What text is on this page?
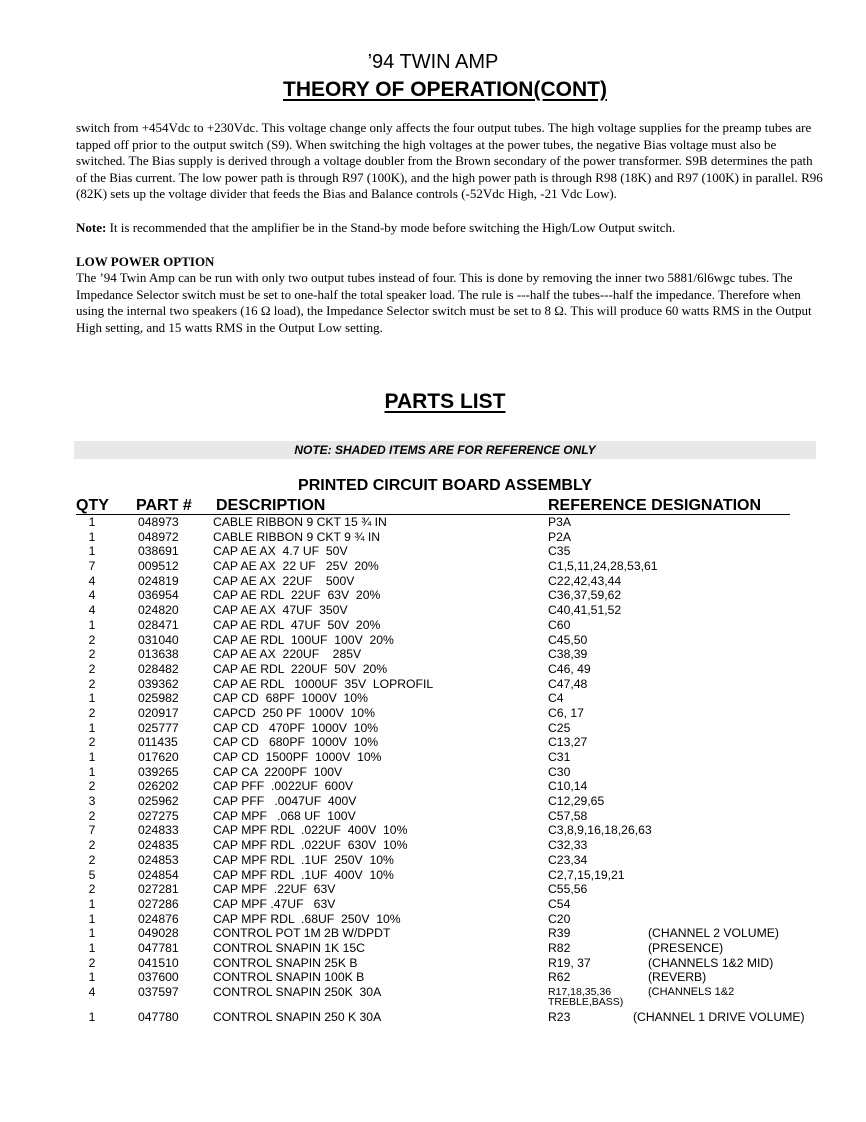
’94 TWIN AMP
THEORY OF OPERATION(CONT)

switch from +454Vdc to +230Vdc. This voltage change only affects the four output tubes. The high voltage supplies for the preamp tubes are tapped off prior to the output switch (S9). When switching the high voltages at the power tubes, the negative Bias voltage must also be switched. The Bias supply is derived through a voltage doubler from the Brown secondary of the power transformer. S9B determines the path of the Bias current. The low power path is through R97 (100K), and the high power path is through R98 (18K) and R97 (100K) in parallel. R96 (82K) sets up the voltage divider that feeds the Bias and Balance controls (-52Vdc High, -21 Vdc Low).

Note: It is recommended that the amplifier be in the Stand-by mode before switching the High/Low Output switch.

LOW POWER OPTION

The ’94 Twin Amp can be run with only two output tubes instead of four. This is done by removing the inner two 5881/6l6wgc tubes. The Impedance Selector switch must be set to one-half the total speaker load. The rule is ---half the tubes---half the impedance. Therefore when using the internal two speakers (16 Ω load), the Impedance Selector switch must be set to 8 Ω. This will produce 60 watts RMS in the Output High setting, and 15 watts RMS in the Output Low setting.

PARTS LIST
NOTE: SHADED ITEMS ARE FOR REFERENCE ONLY
PRINTED CIRCUIT BOARD ASSEMBLY
QTY PART # DESCRIPTION	REFERENCE DESIGNATION
1	048973	CABLE RIBBON 9 CKT 15 ¾ IN	P3A
1	048972	CABLE RIBBON 9 CKT 9 ¾ IN	P2A
1	038691	CAP AE AX  4.7 UF  50V	C35
7	009512	CAP AE AX  22 UF   25V  20%	C1,5,11,24,28,53,61
4	024819	CAP AE AX  22UF    500V	C22,42,43,44
4	036954	CAP AE RDL  22UF  63V  20%	C36,37,59,62
4	024820	CAP AE AX  47UF  350V	C40,41,51,52
1	028471	CAP AE RDL  47UF  50V  20%	C60
2	031040	CAP AE RDL  100UF  100V  20%	C45,50
2	013638	CAP AE AX  220UF    285V	C38,39
2	028482	CAP AE RDL  220UF  50V  20%	C46, 49
2	039362	CAP AE RDL   1000UF  35V  LOPROFIL	C47,48
1	025982	CAP CD  68PF  1000V  10%	C4
2	020917	CAPCD  250 PF  1000V  10%	C6, 17
1	025777	CAP CD   470PF  1000V  10%	C25
2	011435	CAP CD   680PF  1000V  10%	C13,27
1	017620	CAP CD  1500PF  1000V  10%	C31
1	039265	CAP CA  2200PF  100V	C30
2	026202	CAP PFF  .0022UF  600V	C10,14
3	025962	CAP PFF   .0047UF  400V	C12,29,65
2	027275	CAP MPF   .068 UF  100V	C57,58
7	024833	CAP MPF RDL  .022UF  400V  10%	C3,8,9,16,18,26,63
2	024835	CAP MPF RDL  .022UF  630V  10%	C32,33
2	024853	CAP MPF RDL  .1UF  250V  10%	C23,34
5	024854	CAP MPF RDL  .1UF  400V  10%	C2,7,15,19,21
2	027281	CAP MPF  .22UF  63V	C55,56
1	027286	CAP MPF .47UF   63V	C54
1	024876	CAP MPF RDL  .68UF  250V  10%	C20
1	049028	CONTROL POT 1M 2B W/DPDT	R39	(CHANNEL 2 VOLUME)
1	047781	CONTROL SNAPIN 1K 15C	R82	(PRESENCE)
2	041510	CONTROL SNAPIN 25K B	R19, 37	(CHANNELS 1&2 MID)
1	037600	CONTROL SNAPIN 100K B	R62	(REVERB)
4	037597	CONTROL SNAPIN 250K  30A	R17,18,35,36	(CHANNELS 1&2
TREBLE,BASS)
1	047780	CONTROL SNAPIN 250 K 30A	R23	(CHANNEL 1 DRIVE VOLUME)
